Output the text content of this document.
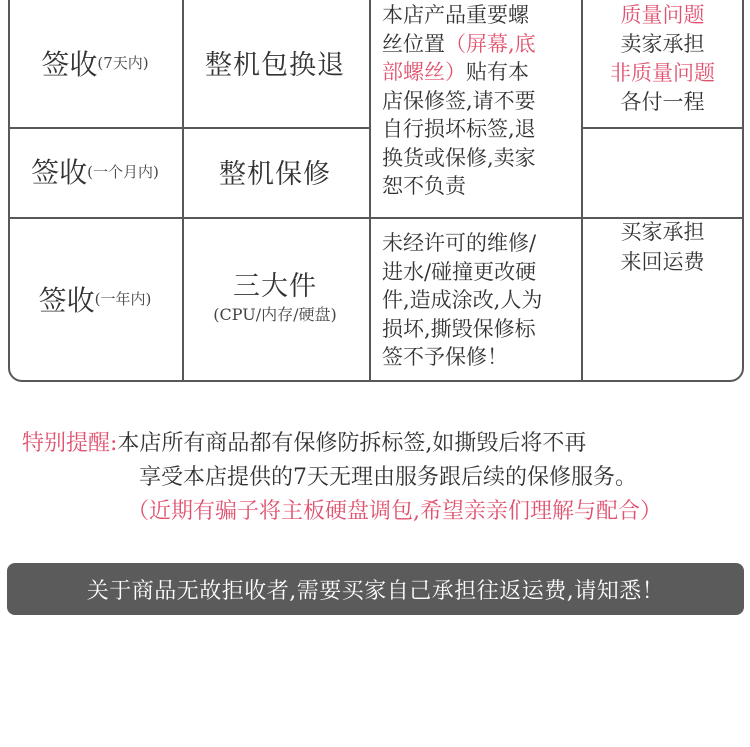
签收 (7天内) 整机包换退
签收 (一个月内) 整机保修
签收 (一年内)	三大件
(CPU/内存/硬盘)
本店产品重要螺
丝位置（屏幕,底
部螺丝）贴有本
店保修签,请不要
自行损坏标签,退
换货或保修,卖家
恕不负责
未经许可的维修/
进水/碰撞更改硬
件,造成涂改,人为
损坏,撕毁保修标
签不予保修！
质量问题
卖家承担
非质量问题
各付一程
买家承担
来回运费
特别提醒:本店所有商品都有保修防拆标签,如撕毁后将不再
享受本店提供的7天无理由服务跟后续的保修服务。
（近期有骗子将主板硬盘调包,希望亲亲们理解与配合）
关于商品无故拒收者,需要买家自己承担往返运费,请知悉！
